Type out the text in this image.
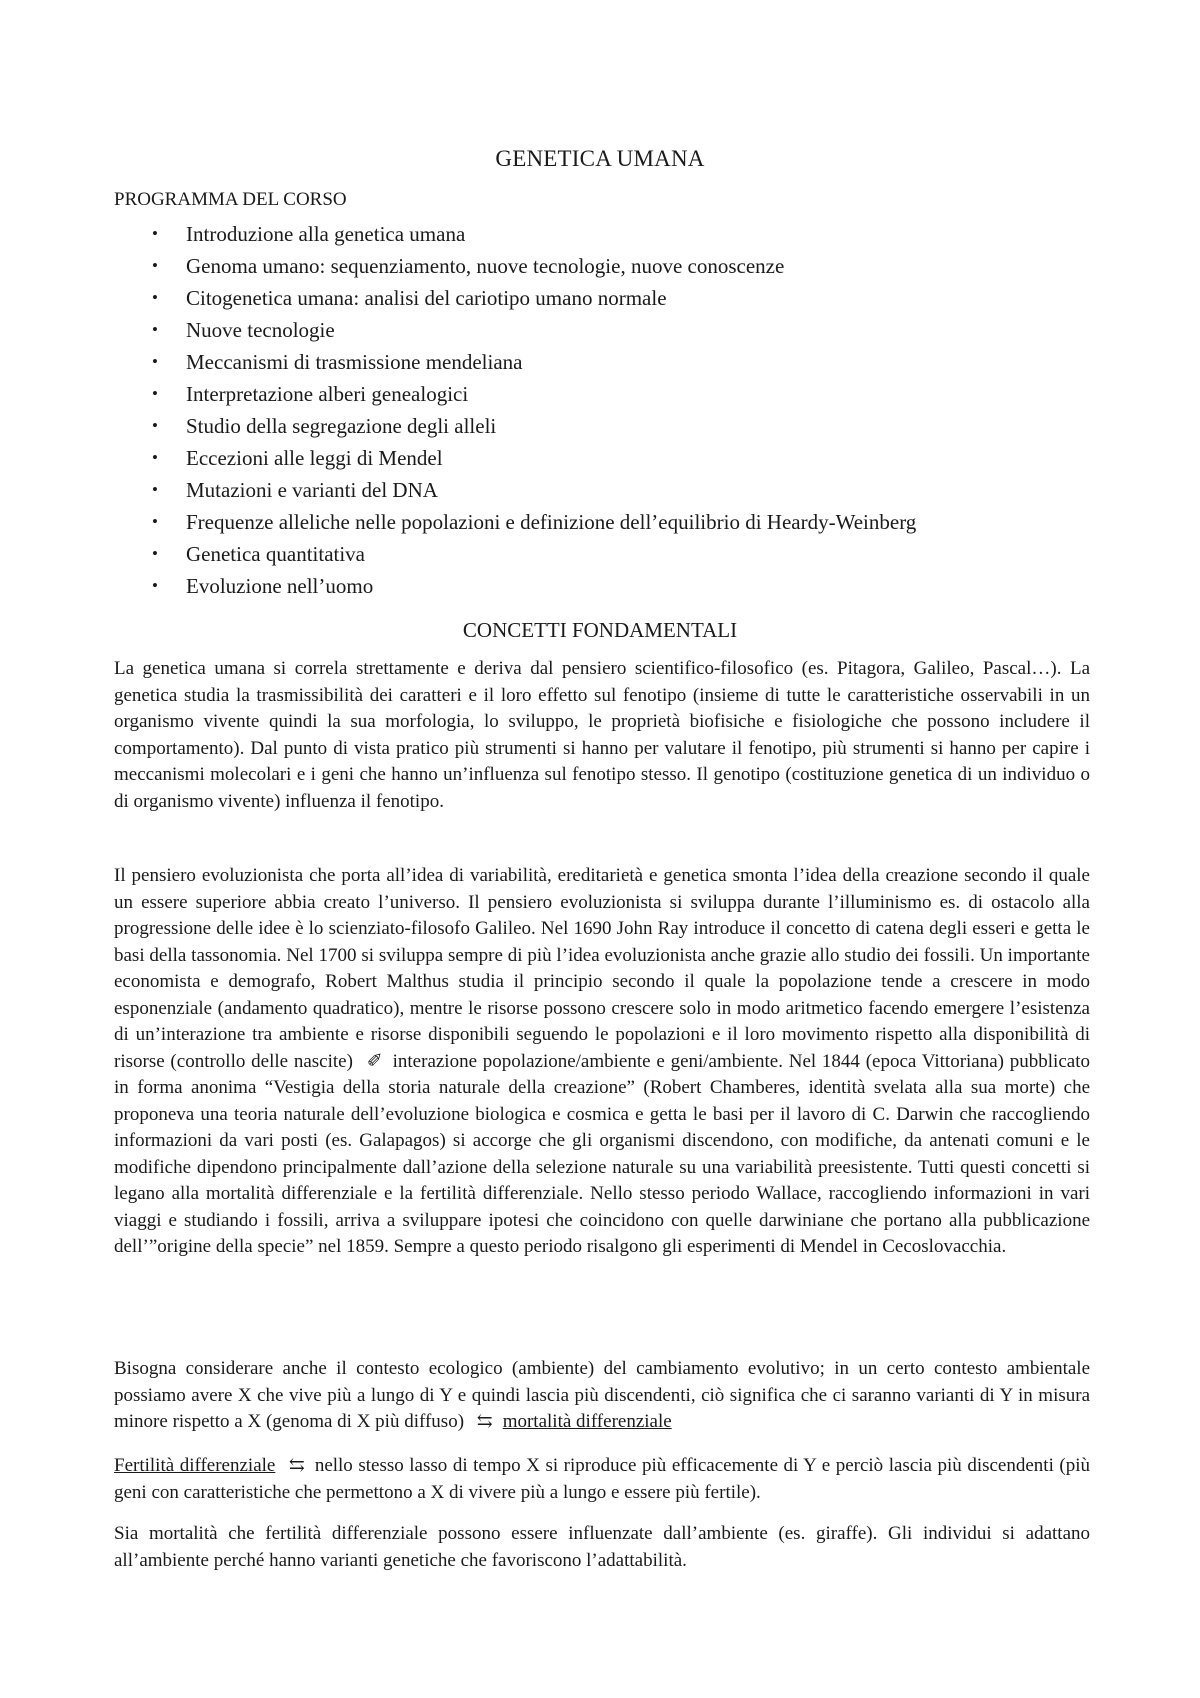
GENETICA UMANA
PROGRAMMA DEL CORSO
• Introduzione alla genetica umana
• Genoma umano: sequenziamento, nuove tecnologie, nuove conoscenze
• Citogenetica umana: analisi del cariotipo umano normale
• Nuove tecnologie
• Meccanismi di trasmissione mendeliana
• Interpretazione alberi genealogici
• Studio della segregazione degli alleli
• Eccezioni alle leggi di Mendel
• Mutazioni e varianti del DNA
• Frequenze alleliche nelle popolazioni e definizione dell’equilibrio di Heardy-Weinberg
• Genetica quantitativa
• Evoluzione nell’uomo
CONCETTI FONDAMENTALI

La genetica umana si correla strettamente e deriva dal pensiero scientifico-filosofico (es. Pitagora, Galileo, Pascal…). La genetica studia la trasmissibilità dei caratteri e il loro effetto sul fenotipo (insieme di tutte le caratteristiche osservabili in un organismo vivente quindi la sua morfologia, lo sviluppo, le proprietà biofisiche e fisiologiche che possono includere il comportamento). Dal punto di vista pratico più strumenti si hanno per valutare il fenotipo, più strumenti si hanno per capire i meccanismi molecolari e i geni che hanno un’influenza sul fenotipo stesso. Il genotipo (costituzione genetica di un individuo o di organismo vivente) influenza il fenotipo.

Il pensiero evoluzionista che porta all’idea di variabilità, ereditarietà e genetica smonta l’idea della creazione secondo il quale un essere superiore abbia creato l’universo. Il pensiero evoluzionista si sviluppa durante l’illuminismo es. di ostacolo alla progressione delle idee è lo scienziato-filosofo Galileo. Nel 1690 John Ray introduce il concetto di catena degli esseri e getta le basi della tassonomia. Nel 1700 si sviluppa sempre di più l’idea evoluzionista anche grazie allo studio dei fossili. Un importante economista e demografo, Robert Malthus studia il principio secondo il quale la popolazione tende a crescere in modo esponenziale (andamento quadratico), mentre le risorse possono crescere solo in modo aritmetico facendo emergere l’esistenza di un’interazione tra ambiente e risorse disponibili seguendo le popolazioni e il loro movimento rispetto alla disponibilità di risorse (controllo delle nascite) ✐ interazione popolazione/ambiente e geni/ambiente. Nel 1844 (epoca Vittoriana) pubblicato in forma anonima “Vestigia della storia naturale della creazione” (Robert Chamberes, identità svelata alla sua morte) che proponeva una teoria naturale dell’evoluzione biologica e cosmica e getta le basi per il lavoro di C. Darwin che raccogliendo informazioni da vari posti (es. Galapagos) si accorge che gli organismi discendono, con modifiche, da antenati comuni e le modifiche dipendono principalmente dall’azione della selezione naturale su una variabilità preesistente. Tutti questi concetti si legano alla mortalità differenziale e la fertilità differenziale. Nello stesso periodo Wallace, raccogliendo informazioni in vari viaggi e studiando i fossili, arriva a sviluppare ipotesi che coincidono con quelle darwiniane che portano alla pubblicazione dell’”origine della specie” nel 1859. Sempre a questo periodo risalgono gli esperimenti di Mendel in Cecoslovacchia.

Bisogna considerare anche il contesto ecologico (ambiente) del cambiamento evolutivo; in un certo contesto ambientale possiamo avere X che vive più a lungo di Y e quindi lascia più discendenti, ciò significa che ci saranno varianti di Y in misura minore rispetto a X (genoma di X più diffuso) ⇆ mortalità differenziale

Fertilità differenziale ⇆ nello stesso lasso di tempo X si riproduce più efficacemente di Y e perciò lascia più discendenti (più geni con caratteristiche che permettono a X di vivere più a lungo e essere più fertile).

Sia mortalità che fertilità differenziale possono essere influenzate dall’ambiente (es. giraffe). Gli individui si adattano all’ambiente perché hanno varianti genetiche che favoriscono l’adattabilità.
